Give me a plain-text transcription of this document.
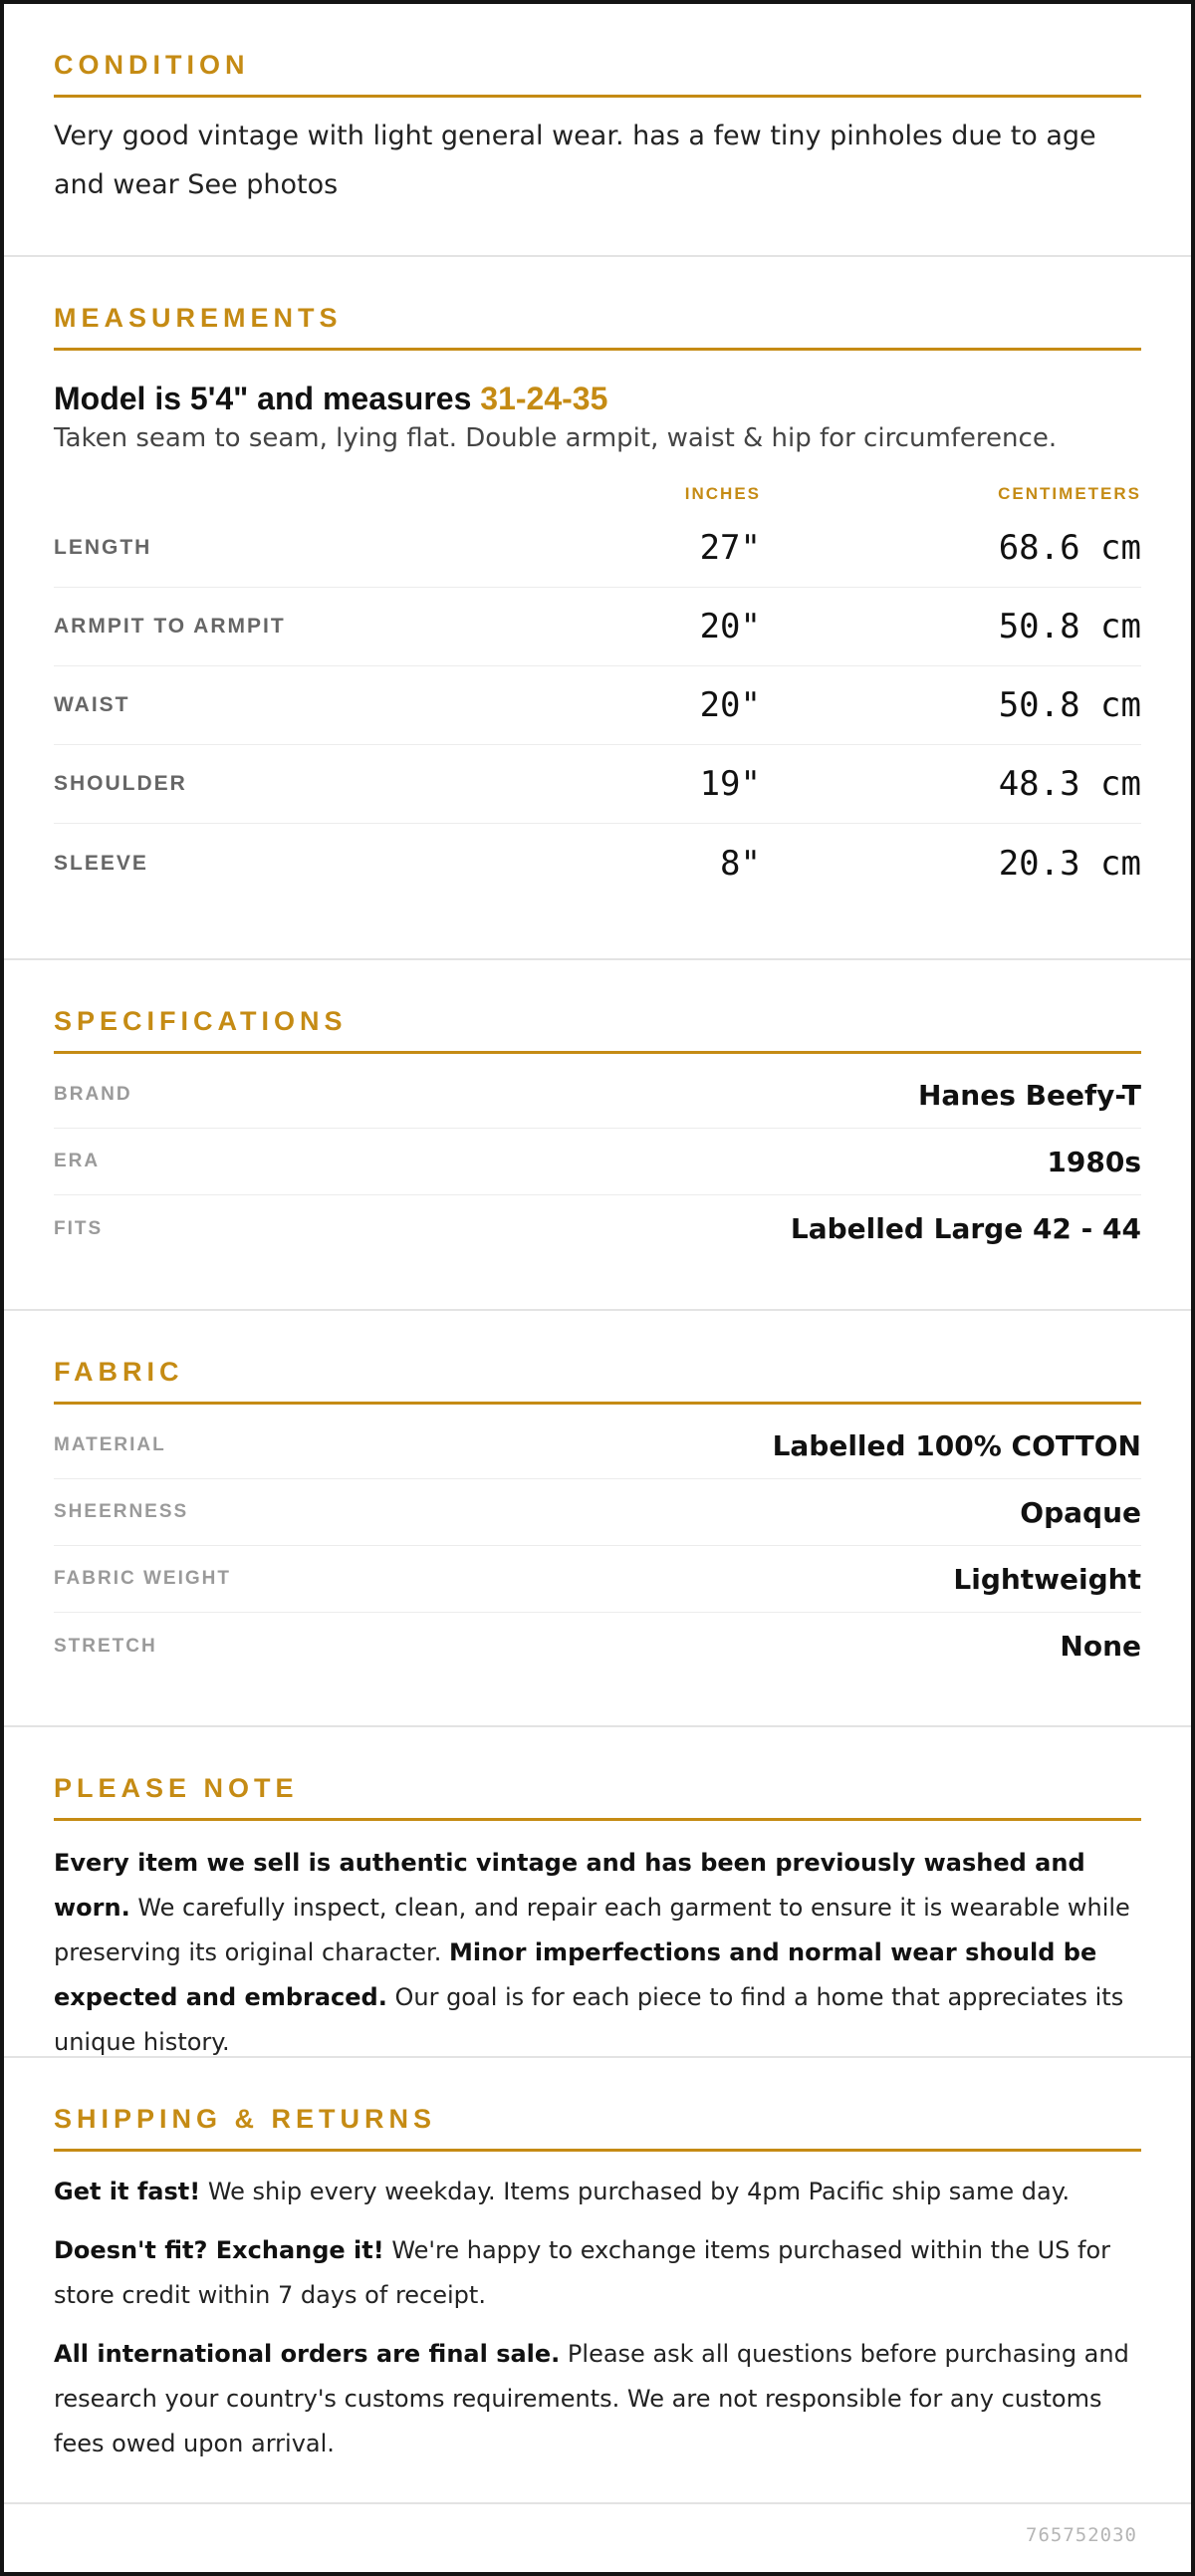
CONDITION
Very good vintage with light general wear. has a few tiny pinholes due to age and wear See photos
MEASUREMENTS
Model is 5'4" and measures 31-24-35
Taken seam to seam, lying flat. Double armpit, waist & hip for circumference.
INCHES	CENTIMETERS
LENGTH	27"	68.6 cm
ARMPIT TO ARMPIT	20"	50.8 cm
WAIST	20"	50.8 cm
SHOULDER	19"	48.3 cm
SLEEVE	8"	20.3 cm
SPECIFICATIONS
BRAND	Hanes Beefy-T
ERA	1980s
FITS	Labelled Large 42 - 44
FABRIC
MATERIAL	Labelled 100% COTTON
SHEERNESS	Opaque
FABRIC WEIGHT	Lightweight
STRETCH	None
PLEASE NOTE
Every item we sell is authentic vintage and has been previously washed and worn. We carefully inspect, clean, and repair each garment to ensure it is wearable while preserving its original character. Minor imperfections and normal wear should be expected and embraced. Our goal is for each piece to find a home that appreciates its unique history.
SHIPPING & RETURNS
Get it fast! We ship every weekday. Items purchased by 4pm Pacific ship same day.
Doesn't fit? Exchange it! We're happy to exchange items purchased within the US for store credit within 7 days of receipt.
All international orders are final sale. Please ask all questions before purchasing and research your country's customs requirements. We are not responsible for any customs fees owed upon arrival.
765752030
